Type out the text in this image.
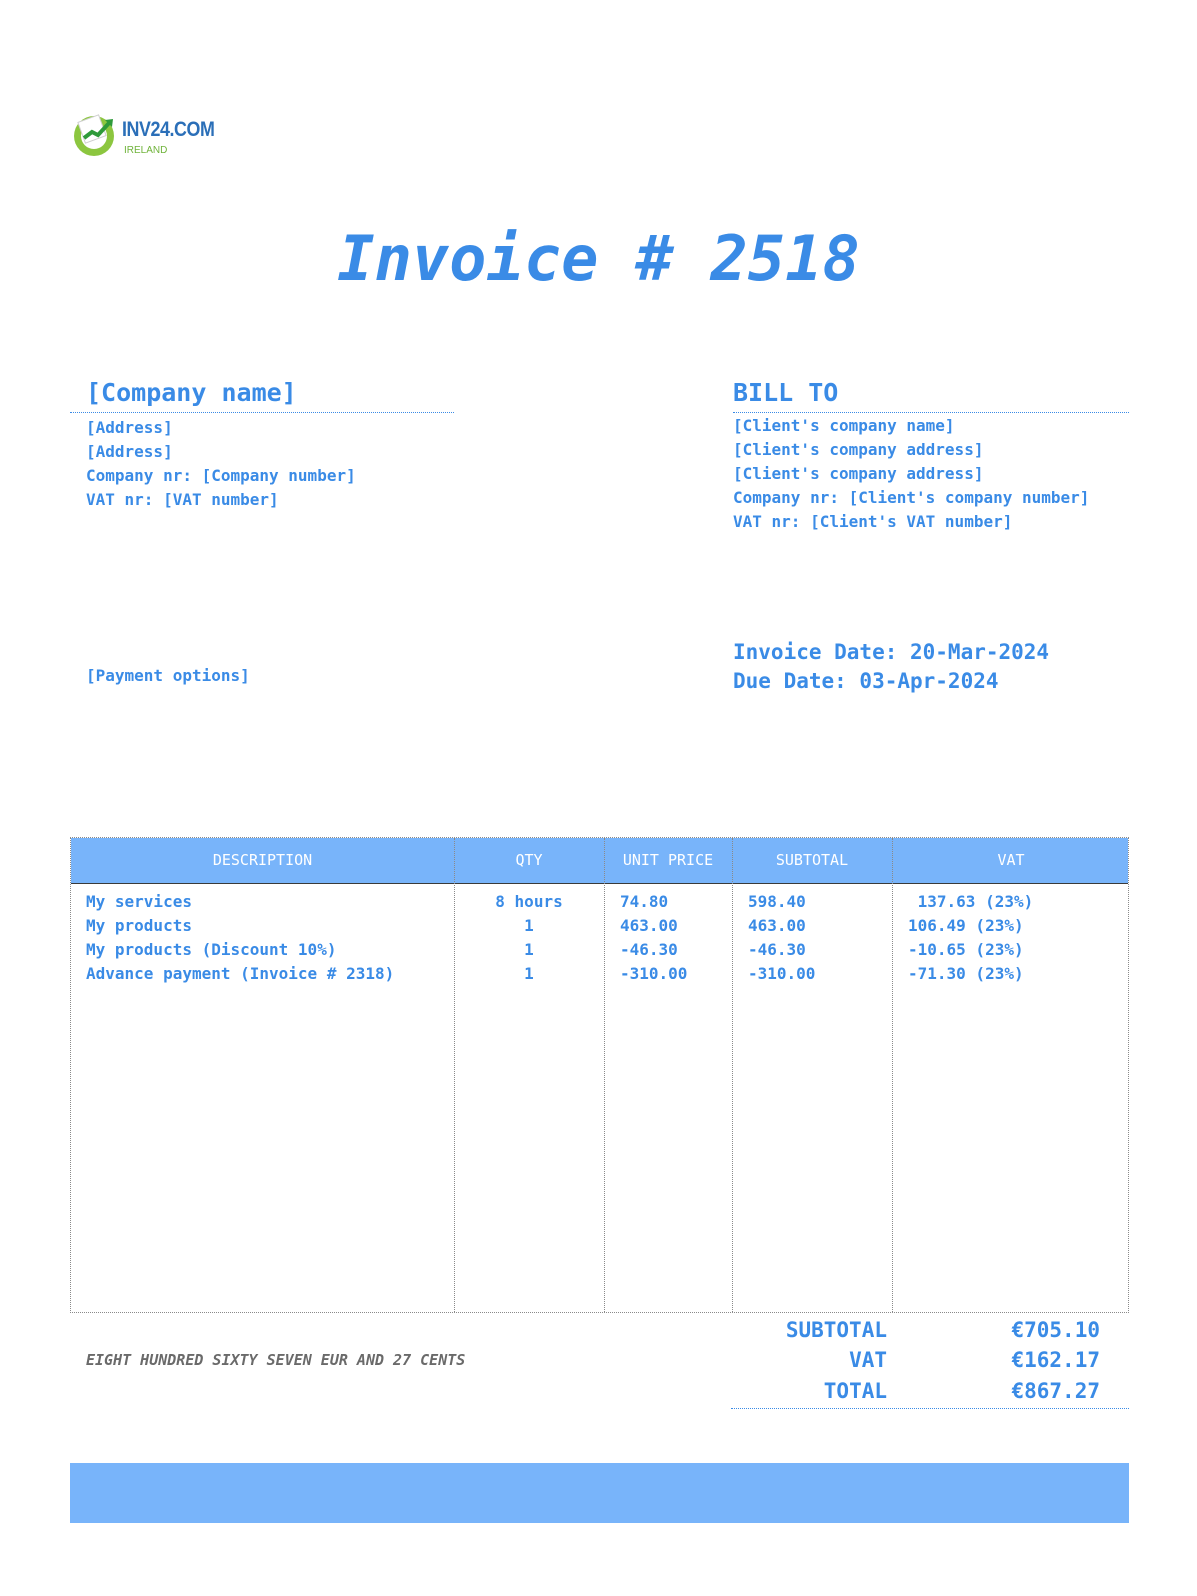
INV24.COM
IRELAND
Invoice # 2518
[Company name]
[Address]
[Address]
Company nr: [Company number]
VAT nr: [VAT number]
BILL TO
[Client's company name]
[Client's company address]
[Client's company address]
Company nr: [Client's company number]
VAT nr: [Client's VAT number]
[Payment options]
Invoice Date: 20-Mar-2024
Due Date: 03-Apr-2024
DESCRIPTION	QTY	UNIT PRICE	SUBTOTAL	VAT
My services	8 hours	74.80	598.40	137.63 (23%)
My products	1	463.00	463.00	106.49 (23%)
My products (Discount 10%)	1	-46.30	-46.30	-10.65 (23%)
Advance payment (Invoice # 2318)	1	-310.00	-310.00	-71.30 (23%)
EIGHT HUNDRED SIXTY SEVEN EUR AND 27 CENTS
SUBTOTAL	€705.10
VAT	€162.17
TOTAL	€867.27
